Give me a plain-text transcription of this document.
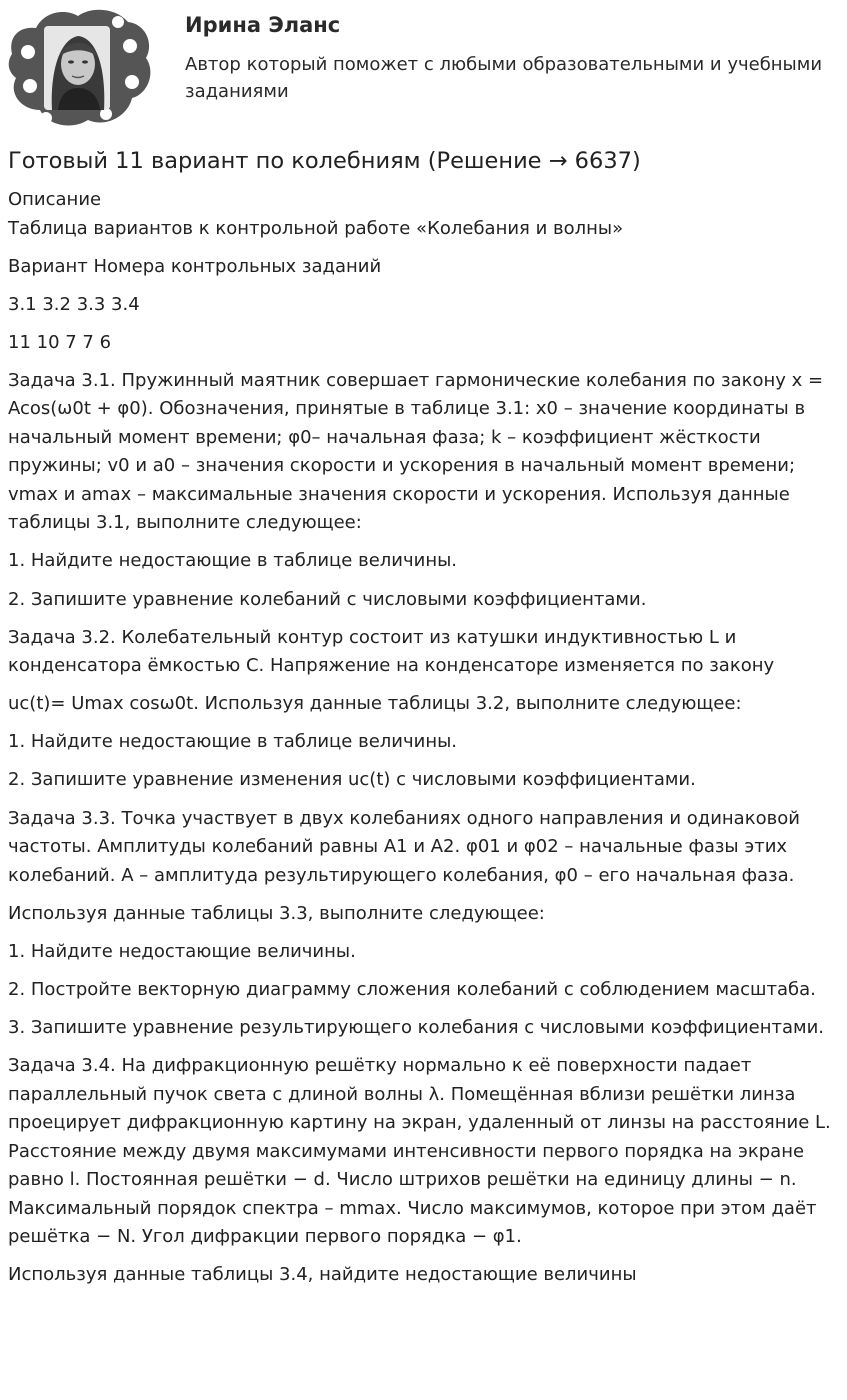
Ирина Эланс
Автор который поможет с любыми образовательными и учебными заданиями
Готовый 11 вариант по колебниям (Решение → 6637)

Описание

Таблица вариантов к контрольной работе «Колебания и волны»

Вариант Номера контрольных заданий

3.1 3.2 3.3 3.4

11 10 7 7 6

Задача 3.1. Пружинный маятник совершает гармонические колебания по закону x = Acos(ω0t + φ0). Обозначения, принятые в таблице 3.1: x0 – значение координаты в начальный момент времени; φ0– начальная фаза; k – коэффициент жёсткости пружины; v0 и a0 – значения скорости и ускорения в начальный момент времени; vmax и amax – максимальные значения скорости и ускорения. Используя данные таблицы 3.1, выполните следующее:

1. Найдите недостающие в таблице величины.

2. Запишите уравнение колебаний с числовыми коэффициентами.

Задача 3.2. Колебательный контур состоит из катушки индуктивностью L и конденсатора ёмкостью C. Напряжение на конденсаторе изменяется по закону

uc(t)= Umax cosω0t. Используя данные таблицы 3.2, выполните следующее:

1. Найдите недостающие в таблице величины.

2. Запишите уравнение изменения uc(t) с числовыми коэффициентами.

Задача 3.3. Точка участвует в двух колебаниях одного направления и одинаковой частоты. Амплитуды колебаний равны A1 и A2. φ01 и φ02 – начальные фазы этих колебаний. A – амплитуда результирующего колебания, φ0 – его начальная фаза.

Используя данные таблицы 3.3, выполните следующее:

1. Найдите недостающие величины.

2. Постройте векторную диаграмму сложения колебаний с соблюдением масштаба.

3. Запишите уравнение результирующего колебания с числовыми коэффициентами.

Задача 3.4. На дифракционную решётку нормально к её поверхности падает параллельный пучок света с длиной волны λ. Помещённая вблизи решётки линза проецирует дифракционную картину на экран, удаленный от линзы на расстояние L. Расстояние между двумя максимумами интенсивности первого порядка на экране равно l. Постоянная решётки − d. Число штрихов решётки на единицу длины − n. Максимальный порядок спектра – mmax. Число максимумов, которое при этом даёт решётка − N. Угол дифракции первого порядка − φ1.

Используя данные таблицы 3.4, найдите недостающие величины
